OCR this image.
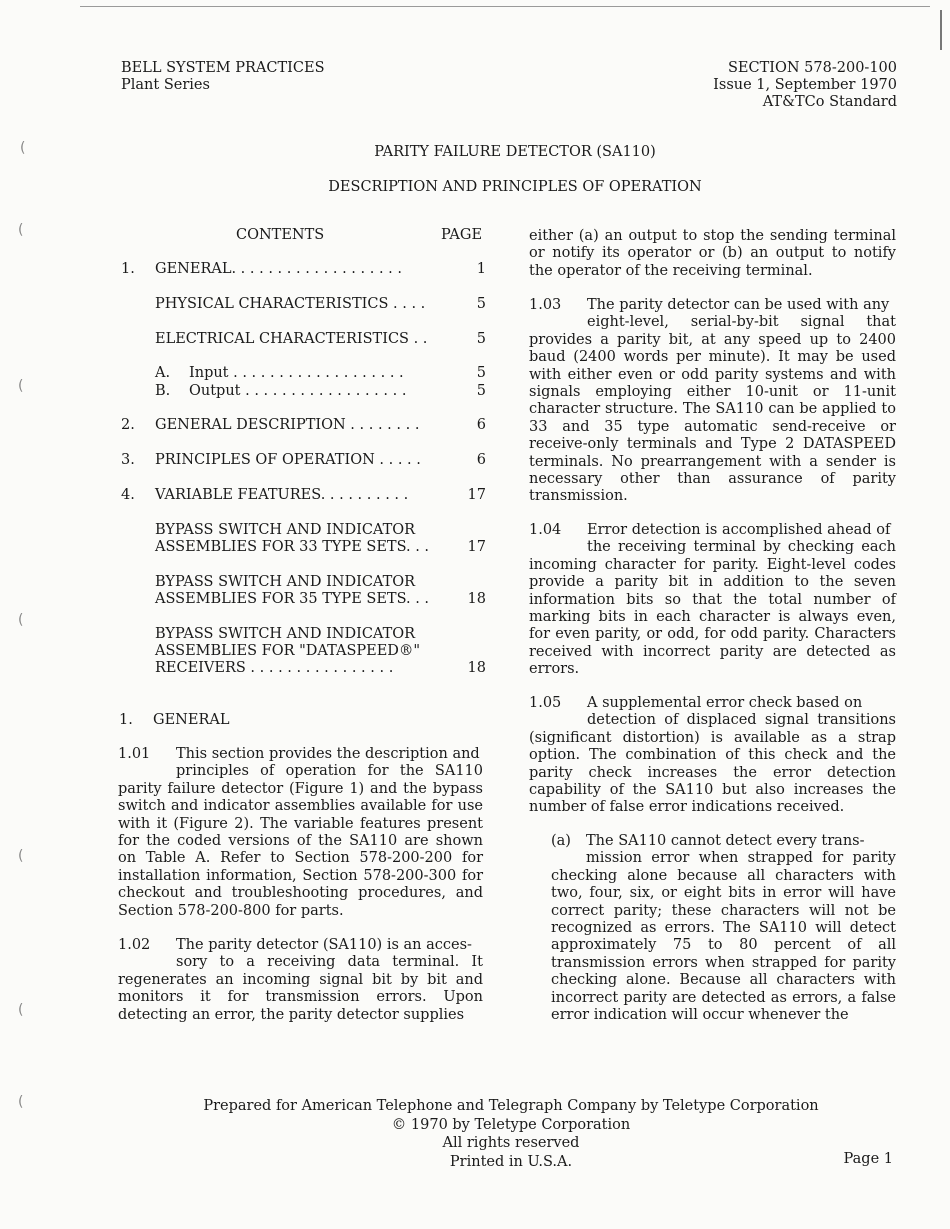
BELL SYSTEM PRACTICES
Plant Series
SECTION 578-200-100
Issue 1, September 1970
AT&TCo Standard
PARITY FAILURE DETECTOR (SA110)
DESCRIPTION AND PRINCIPLES OF OPERATION
CONTENTS	PAGE
1. GENERAL. . . . . . . . . . . . . . . . . . .	1
PHYSICAL CHARACTERISTICS . . . .	5
ELECTRICAL CHARACTERISTICS . .	5
A. Input . . . . . . . . . . . . . . . . . . .	5
B. Output . . . . . . . . . . . . . . . . . .	5
2. GENERAL DESCRIPTION . . . . . . . .	6
3. PRINCIPLES OF OPERATION . . . . .	6
4. VARIABLE FEATURES. . . . . . . . . .	17
BYPASS SWITCH AND INDICATOR
ASSEMBLIES FOR 33 TYPE SETS. . .	17
BYPASS SWITCH AND INDICATOR
ASSEMBLIES FOR 35 TYPE SETS. . .	18
BYPASS SWITCH AND INDICATOR
ASSEMBLIES FOR "DATASPEED®"
RECEIVERS . . . . . . . . . . . . . . . .	18
1. GENERAL
1.01 This section provides the description and
principles of operation for the SA110 parity failure detector (Figure 1) and the bypass switch and indicator assemblies available for use with it (Figure 2). The variable features present for the coded versions of the SA110 are shown on Table A. Refer to Section 578-200-200 for installation information, Section 578-200-300 for checkout and troubleshooting procedures, and Section 578-200-800 for parts.
1.02 The parity detector (SA110) is an acces-
sory to a receiving data terminal. It regenerates an incoming signal bit by bit and monitors it for transmission errors. Upon detecting an error, the parity detector supplies
either (a) an output to stop the sending terminal or notify its operator or (b) an output to notify the operator of the receiving terminal.
1.03 The parity detector can be used with any
eight-level, serial-by-bit signal that provides a parity bit, at any speed up to 2400 baud (2400 words per minute). It may be used with either even or odd parity systems and with signals employing either 10-unit or 11-unit character structure. The SA110 can be applied to 33 and 35 type automatic send-receive or receive-only terminals and Type 2 DATASPEED terminals. No prearrangement with a sender is necessary other than assurance of parity transmission.
1.04 Error detection is accomplished ahead of
the receiving terminal by checking each incoming character for parity. Eight-level codes provide a parity bit in addition to the seven information bits so that the total number of marking bits in each character is always even, for even parity, or odd, for odd parity. Characters received with incorrect parity are detected as errors.
1.05 A supplemental error check based on
detection of displaced signal transitions (significant distortion) is available as a strap option. The combination of this check and the parity check increases the error detection capability of the SA110 but also increases the number of false error indications received.
(a) The SA110 cannot detect every trans-
mission error when strapped for parity checking alone because all characters with two, four, six, or eight bits in error will have correct parity; these characters will not be recognized as errors. The SA110 will detect approximately 75 to 80 percent of all transmission errors when strapped for parity checking alone. Because all characters with incorrect parity are detected as errors, a false error indication will occur whenever the
Prepared for American Telephone and Telegraph Company by Teletype Corporation
© 1970 by Teletype Corporation
All rights reserved
Printed in U.S.A.	Page 1
(
(
(
(
(
(
(
